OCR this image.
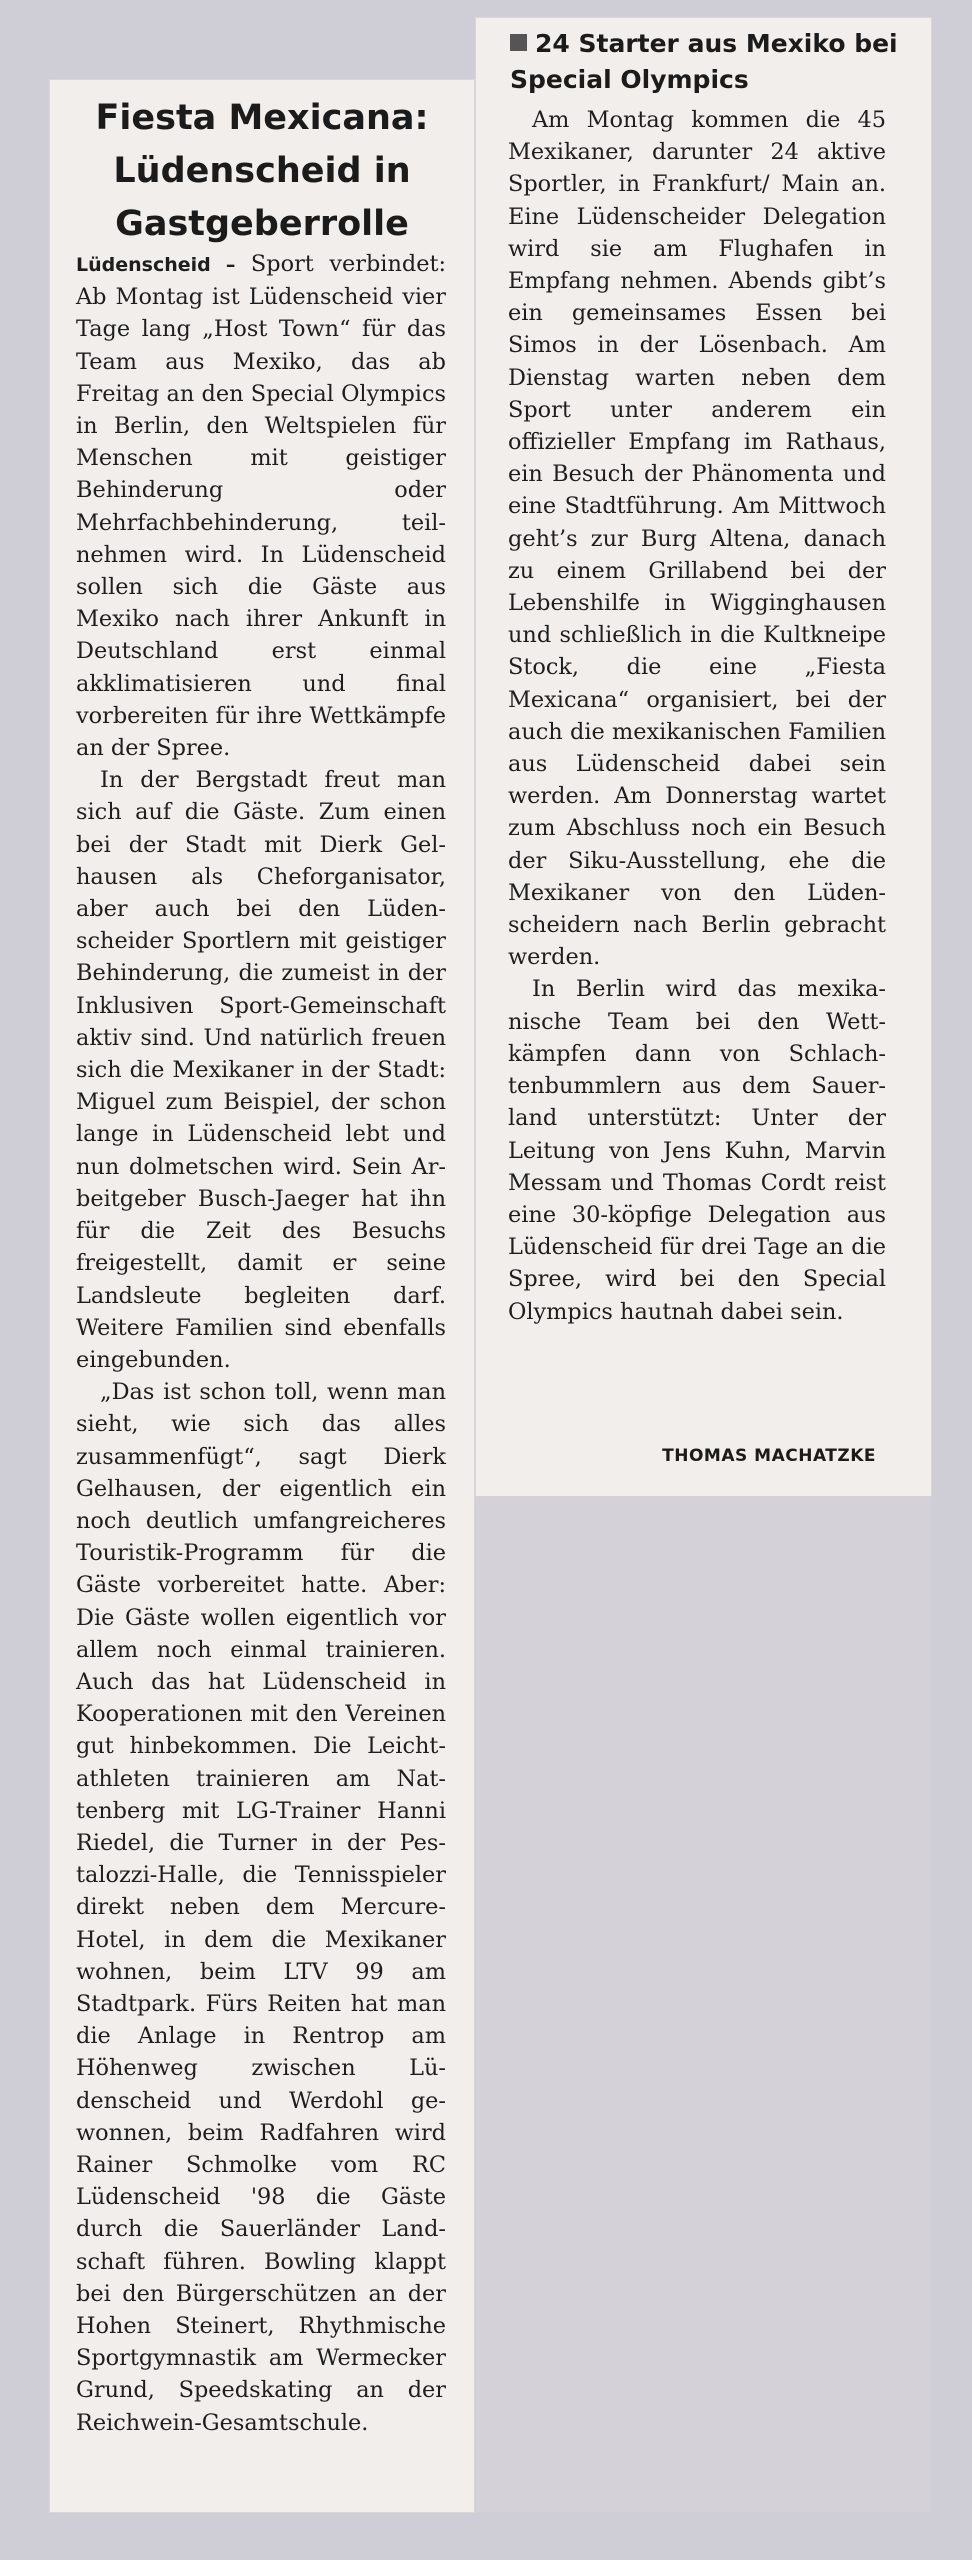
Fiesta Mexicana:
Lüdenscheid in
Gastgeberrolle

Lüdenscheid – Sport verbindet: Ab Montag ist Lüdenscheid vier Tage lang „Host Town“ für das Team aus Mexiko, das ab Freitag an den Special Olympics in Berlin, den Weltspielen für Menschen mit geistiger Behinderung oder Mehrfachbehinderung, teilnehmen wird. In Lüdenscheid sollen sich die Gäste aus Mexiko nach ihrer Ankunft in Deutschland erst einmal akklimatisieren und final vorbereiten für ihre Wettkämpfe an der Spree.

In der Bergstadt freut man sich auf die Gäste. Zum einen bei der Stadt mit Dierk Gelhausen als Cheforganisator, aber auch bei den Lüdenscheider Sportlern mit geistiger Behinderung, die zumeist in der Inklusiven Sport-Gemeinschaft aktiv sind. Und natürlich freuen sich die Mexikaner in der Stadt: Miguel zum Beispiel, der schon lange in Lüdenscheid lebt und nun dolmetschen wird. Sein Arbeitgeber Busch-Jaeger hat ihn für die Zeit des Besuchs freigestellt, damit er seine Landsleute begleiten darf. Weitere Familien sind ebenfalls eingebunden.

„Das ist schon toll, wenn man sieht, wie sich das alles zusammenfügt“, sagt Dierk Gelhausen, der eigentlich ein noch deutlich umfangreicheres Touristik-Programm für die Gäste vorbereitet hatte. Aber: Die Gäste wollen eigentlich vor allem noch einmal trainieren. Auch das hat Lüdenscheid in Kooperationen mit den Vereinen gut hinbekommen. Die Leichtathleten trainieren am Nattenberg mit LG-Trainer Hanni Riedel, die Turner in der Pestalozzi-Halle, die Tennisspieler direkt neben dem Mercure-Hotel, in dem die Mexikaner wohnen, beim LTV 99 am Stadtpark. Fürs Reiten hat man die Anlage in Rentrop am Höhenweg zwischen Lüdenscheid und Werdohl gewonnen, beim Radfahren wird Rainer Schmolke vom RC Lüdenscheid '98 die Gäste durch die Sauerländer Landschaft führen. Bowling klappt bei den Bürgerschützen an der Hohen Steinert, Rhythmische Sportgymnastik am Wermecker Grund, Speedskating an der Reichwein-Gesamtschule.

24 Starter aus Mexiko bei Special Olympics

Am Montag kommen die 45 Mexikaner, darunter 24 aktive Sportler, in Frankfurt/ Main an. Eine Lüdenscheider Delegation wird sie am Flughafen in Empfang nehmen. Abends gibt’s ein gemeinsames Essen bei Simos in der Lösenbach. Am Dienstag warten neben dem Sport unter anderem ein offizieller Empfang im Rathaus, ein Besuch der Phänomenta und eine Stadtführung. Am Mittwoch geht’s zur Burg Altena, danach zu einem Grillabend bei der Lebenshilfe in Wigginghausen und schließlich in die Kultkneipe Stock, die eine „Fiesta Mexicana“ organisiert, bei der auch die mexikanischen Familien aus Lüdenscheid dabei sein werden. Am Donnerstag wartet zum Abschluss noch ein Besuch der Siku-Ausstellung, ehe die Mexikaner von den Lüdenscheidern nach Berlin gebracht werden.

In Berlin wird das mexikanische Team bei den Wettkämpfen dann von Schlachtenbummlern aus dem Sauerland unterstützt: Unter der Leitung von Jens Kuhn, Marvin Messam und Thomas Cordt reist eine 30-köpfige Delegation aus Lüdenscheid für drei Tage an die Spree, wird bei den Special Olympics hautnah dabei sein.

THOMAS MACHATZKE
